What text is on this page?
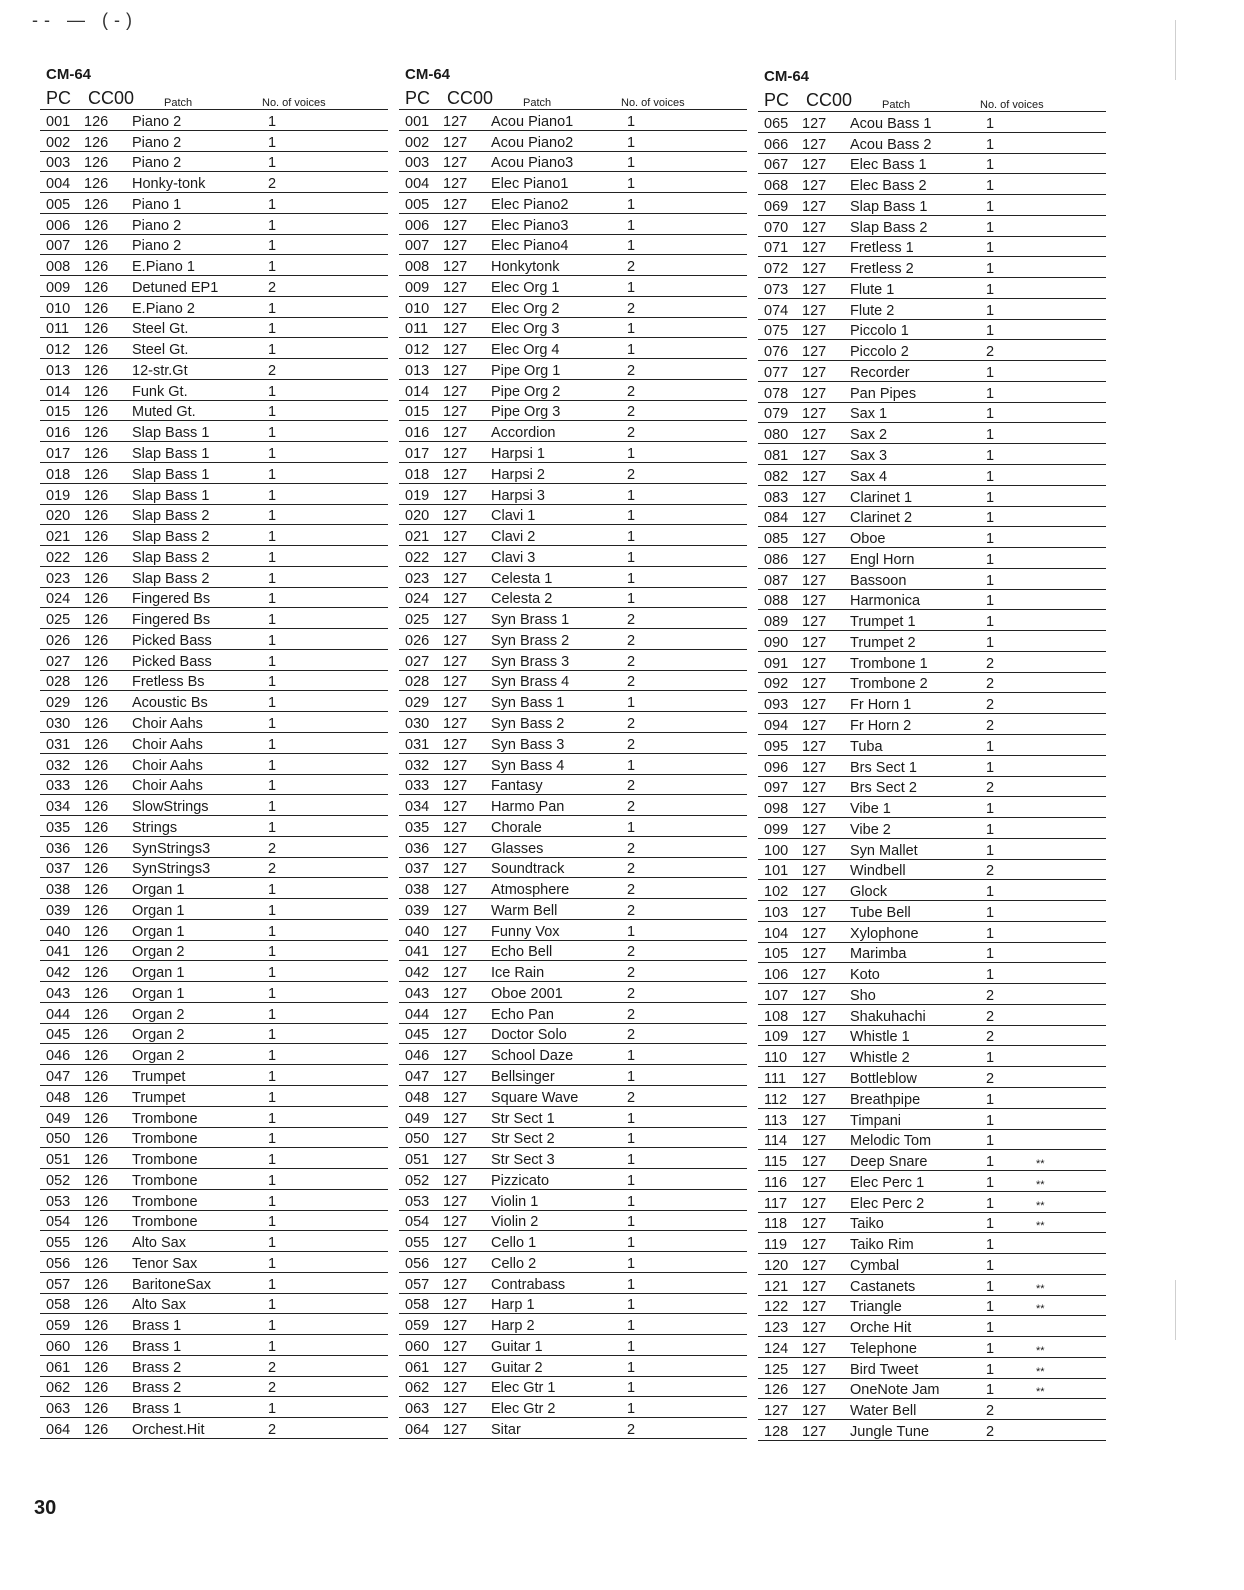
-- — (-)
CM-64
PC CC00	Patch	No. of voices
001 126	Piano 2	1
002 126	Piano 2	1
003 126	Piano 2	1
004 126	Honky-tonk	2
005 126	Piano 1	1
006 126	Piano 2	1
007 126	Piano 2	1
008 126	E.Piano 1	1
009 126	Detuned EP1	2
010 126	E.Piano 2	1
011	126	Steel Gt.	1
012 126	Steel Gt.	1
013 126	12-str.Gt	2
014 126	Funk Gt.	1
015 126	Muted Gt.	1
016 126	Slap Bass 1	1
017 126	Slap Bass 1	1
018 126	Slap Bass 1	1
019 126	Slap Bass 1	1
020 126	Slap Bass 2	1
021 126	Slap Bass 2	1
022 126	Slap Bass 2	1
023 126	Slap Bass 2	1
024 126	Fingered Bs	1
025 126	Fingered Bs	1
026 126	Picked Bass	1
027 126	Picked Bass	1
028 126	Fretless Bs	1
029 126	Acoustic Bs	1
030 126	Choir Aahs	1
031 126	Choir Aahs	1
032 126	Choir Aahs	1
033 126	Choir Aahs	1
034 126	SlowStrings	1
035 126	Strings	1
036 126	SynStrings3	2
037 126	SynStrings3	2
038 126	Organ 1	1
039 126	Organ 1	1
040 126	Organ 1	1
041 126	Organ 2	1
042 126	Organ 1	1
043 126	Organ 1	1
044 126	Organ 2	1
045 126	Organ 2	1
046 126	Organ 2	1
047 126	Trumpet	1
048 126	Trumpet	1
049 126	Trombone	1
050 126	Trombone	1
051 126	Trombone	1
052 126	Trombone	1
053 126	Trombone	1
054 126	Trombone	1
055 126	Alto Sax	1
056 126	Tenor Sax	1
057 126	BaritoneSax	1
058 126	Alto Sax	1
059 126	Brass 1	1
060 126	Brass 1	1
061 126	Brass 2	2
062 126	Brass 2	2
063 126	Brass 1	1
064 126	Orchest.Hit	2
CM-64
PC CC00	Patch	No. of voices
001 127	Acou Piano1	1
002 127	Acou Piano2	1
003 127	Acou Piano3	1
004 127	Elec Piano1	1
005 127	Elec Piano2	1
006 127	Elec Piano3	1
007 127	Elec Piano4	1
008 127	Honkytonk	2
009 127	Elec Org 1	1
010 127	Elec Org 2	2
011	127	Elec Org 3	1
012 127	Elec Org 4	1
013 127	Pipe Org 1	2
014 127	Pipe Org 2	2
015 127	Pipe Org 3	2
016 127	Accordion	2
017 127	Harpsi 1	1
018 127	Harpsi 2	2
019 127	Harpsi 3	1
020 127	Clavi 1	1
021 127	Clavi 2	1
022 127	Clavi 3	1
023 127	Celesta 1	1
024 127	Celesta 2	1
025 127	Syn Brass 1	2
026 127	Syn Brass 2	2
027 127	Syn Brass 3	2
028 127	Syn Brass 4	2
029 127	Syn Bass 1	1
030 127	Syn Bass 2	2
031 127	Syn Bass 3	2
032 127	Syn Bass 4	1
033 127	Fantasy	2
034 127	Harmo Pan	2
035 127	Chorale	1
036 127	Glasses	2
037 127	Soundtrack	2
038 127	Atmosphere	2
039 127	Warm Bell	2
040 127	Funny Vox	1
041 127	Echo Bell	2
042 127	Ice Rain	2
043 127	Oboe 2001	2
044 127	Echo Pan	2
045 127	Doctor Solo	2
046 127	School Daze	1
047 127	Bellsinger	1
048 127	Square Wave	2
049 127	Str Sect 1	1
050 127	Str Sect 2	1
051 127	Str Sect 3	1
052 127	Pizzicato	1
053 127	Violin 1	1
054 127	Violin 2	1
055 127	Cello 1	1
056 127	Cello 2	1
057 127	Contrabass	1
058 127	Harp 1	1
059 127	Harp 2	1
060 127	Guitar 1	1
061 127	Guitar 2	1
062 127	Elec Gtr 1	1
063 127	Elec Gtr 2	1
064 127	Sitar	2
CM-64
PC CC00	Patch	No. of voices
065 127	Acou Bass 1	1
066 127	Acou Bass 2	1
067 127	Elec Bass 1	1
068 127	Elec Bass 2	1
069 127	Slap Bass 1	1
070 127	Slap Bass 2	1
071 127	Fretless 1	1
072 127	Fretless 2	1
073 127	Flute 1	1
074 127	Flute 2	1
075 127	Piccolo 1	1
076 127	Piccolo 2	2
077 127	Recorder	1
078 127	Pan Pipes	1
079 127	Sax 1	1
080 127	Sax 2	1
081 127	Sax 3	1
082 127	Sax 4	1
083 127	Clarinet 1	1
084 127	Clarinet 2	1
085 127	Oboe	1
086 127	Engl Horn	1
087 127	Bassoon	1
088 127	Harmonica	1
089 127	Trumpet 1	1
090 127	Trumpet 2	1
091 127	Trombone 1	2
092 127	Trombone 2	2
093 127	Fr Horn 1	2
094 127	Fr Horn 2	2
095 127	Tuba	1
096 127	Brs Sect 1	1
097 127	Brs Sect 2	2
098 127	Vibe 1	1
099 127	Vibe 2	1
100 127	Syn Mallet	1
101 127	Windbell	2
102 127	Glock	1
103 127	Tube Bell	1
104 127	Xylophone	1
105 127	Marimba	1
106 127	Koto	1
107 127	Sho	2
108 127	Shakuhachi	2
109 127	Whistle 1	2
110	127	Whistle 2	1
111	127	Bottleblow	2
112	127	Breathpipe	1
113	127	Timpani	1
114	127	Melodic Tom	1
115	127	Deep Snare	1	**
116	127	Elec Perc 1	1	**
117	127	Elec Perc 2	1	**
118	127	Taiko	1	**
119	127	Taiko Rim	1
120 127	Cymbal	1
121 127	Castanets	1	**
122 127	Triangle	1	**
123 127	Orche Hit	1
124 127	Telephone	1	**
125 127	Bird Tweet	1	**
126 127	OneNote Jam	1	**
127 127	Water Bell	2
128 127	Jungle Tune	2
30
